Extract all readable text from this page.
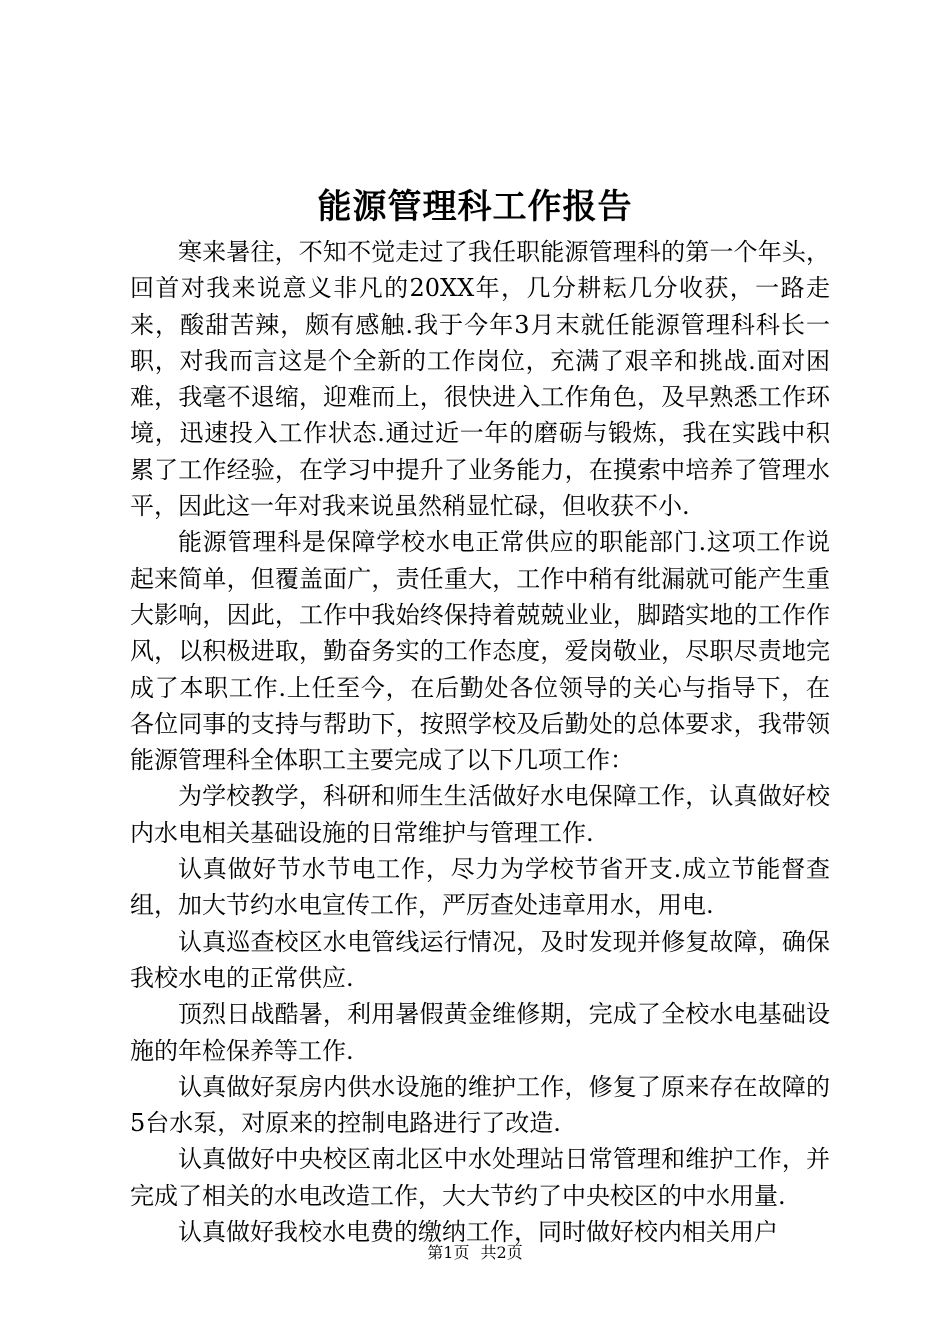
能源管理科工作报告

寒来暑往，不知不觉走过了我任职能源管理科的第一个年头，回首对我来说意义非凡的20XX年，几分耕耘几分收获，一路走来，酸甜苦辣，颇有感触.我于今年3月末就任能源管理科科长一职，对我而言这是个全新的工作岗位，充满了艰辛和挑战.面对困难，我毫不退缩，迎难而上，很快进入工作角色，及早熟悉工作环境，迅速投入工作状态.通过近一年的磨砺与锻炼，我在实践中积累了工作经验，在学习中提升了业务能力，在摸索中培养了管理水平，因此这一年对我来说虽然稍显忙碌，但收获不小.

能源管理科是保障学校水电正常供应的职能部门.这项工作说起来简单，但覆盖面广，责任重大，工作中稍有纰漏就可能产生重大影响，因此，工作中我始终保持着兢兢业业，脚踏实地的工作作风，以积极进取，勤奋务实的工作态度，爱岗敬业，尽职尽责地完成了本职工作.上任至今，在后勤处各位领导的关心与指导下，在各位同事的支持与帮助下，按照学校及后勤处的总体要求，我带领能源管理科全体职工主要完成了以下几项工作：

为学校教学，科研和师生生活做好水电保障工作，认真做好校内水电相关基础设施的日常维护与管理工作.

认真做好节水节电工作，尽力为学校节省开支.成立节能督查组，加大节约水电宣传工作，严厉查处违章用水，用电.

认真巡查校区水电管线运行情况，及时发现并修复故障，确保我校水电的正常供应.

顶烈日战酷暑，利用暑假黄金维修期，完成了全校水电基础设施的年检保养等工作.

认真做好泵房内供水设施的维护工作，修复了原来存在故障的5台水泵，对原来的控制电路进行了改造.

认真做好中央校区南北区中水处理站日常管理和维护工作，并完成了相关的水电改造工作，大大节约了中央校区的中水用量.

认真做好我校水电费的缴纳工作，同时做好校内相关用户

第1页 共2页
